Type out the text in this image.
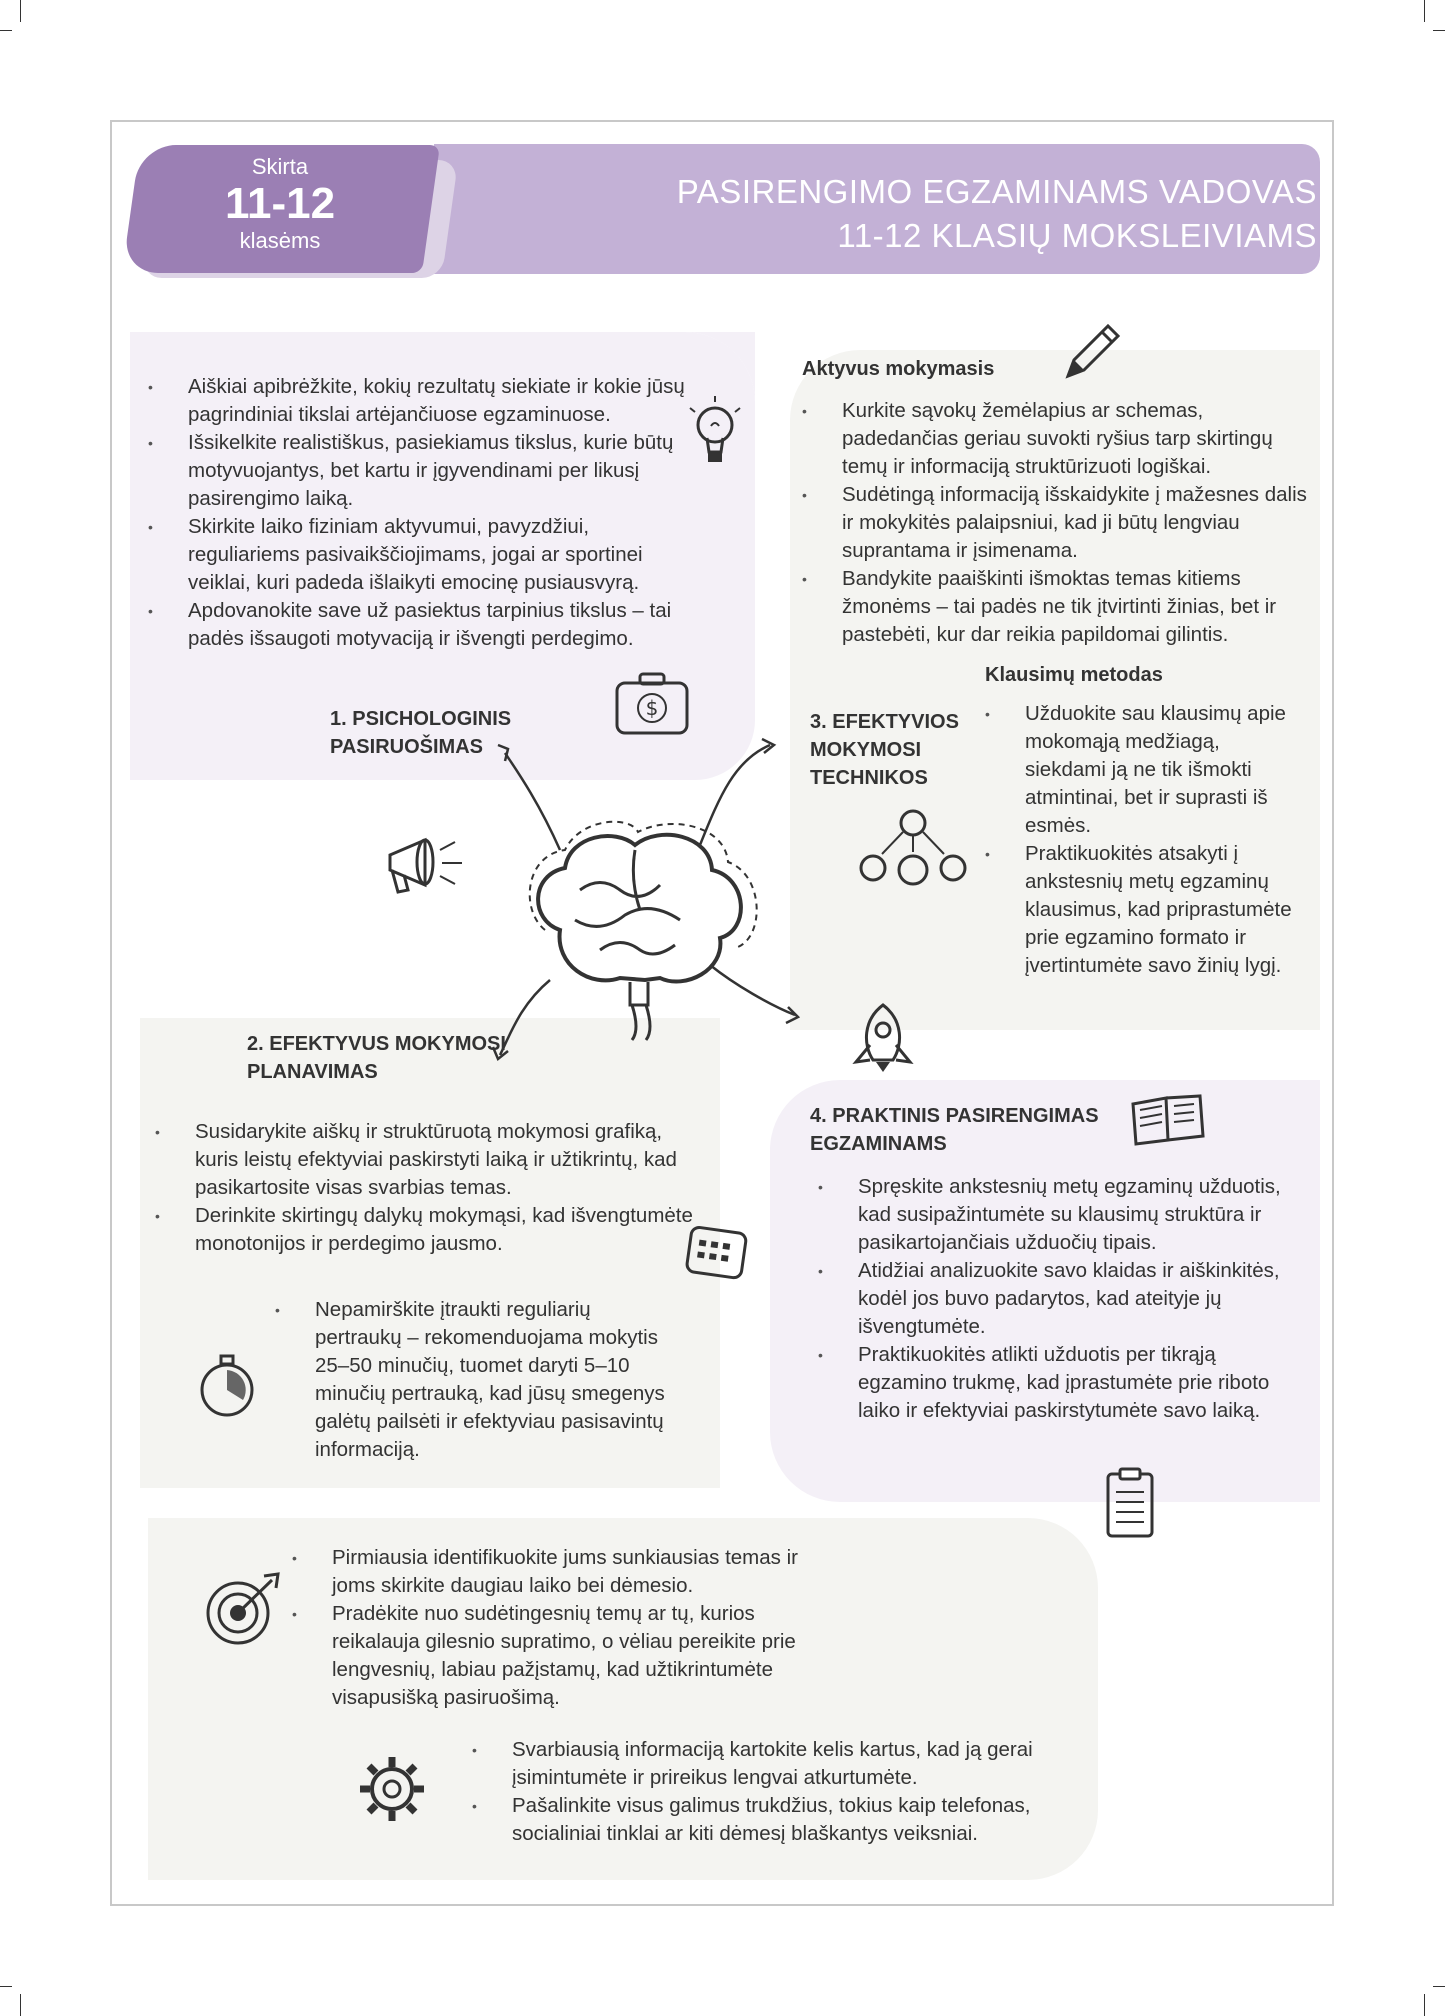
Skirta
11-12
klasėms
PASIRENGIMO EGZAMINAMS VADOVAS
11-12 KLASIŲ MOKSLEIVIAMS
• Aiškiai apibrėžkite, kokių rezultatų siekiate ir kokie jūsų pagrindiniai tikslai artėjančiuose egzaminuose.
• Išsikelkite realistiškus, pasiekiamus tikslus, kurie būtų motyvuojantys, bet kartu ir įgyvendinami per likusį pasirengimo laiką.
• Skirkite laiko fiziniam aktyvumui, pavyzdžiui, reguliariems pasivaikščiojimams, jogai ar sportinei veiklai, kuri padeda išlaikyti emocinę pusiausvyrą.
• Apdovanokite save už pasiektus tarpinius tikslus – tai padės išsaugoti motyvaciją ir išvengti perdegimo.
1. PSICHOLOGINIS
PASIRUOŠIMAS
$
Aktyvus mokymasis
• Kurkite sąvokų žemėlapius ar schemas, padedančias geriau suvokti ryšius tarp skirtingų temų ir informaciją struktūrizuoti logiškai.
• Sudėtingą informaciją išskaidykite į mažesnes dalis ir mokykitės palaipsniui, kad ji būtų lengviau suprantama ir įsimenama.
• Bandykite paaiškinti išmoktas temas kitiems žmonėms – tai padės ne tik įtvirtinti žinias, bet ir pastebėti, kur dar reikia papildomai gilintis.
Klausimų metodas
3. EFEKTYVIOS
MOKYMOSI
TECHNIKOS
• Užduokite sau klausimų apie mokomąją medžiagą, siekdami ją ne tik išmokti atmintinai, bet ir suprasti iš esmės.
• Praktikuokitės atsakyti į ankstesnių metų egzaminų klausimus, kad priprastumėte prie egzamino formato ir įvertintumėte savo žinių lygį.
2. EFEKTYVUS MOKYMOSI
PLANAVIMAS
• Susidarykite aiškų ir struktūruotą mokymosi grafiką, kuris leistų efektyviai paskirstyti laiką ir užtikrintų, kad pasikartosite visas svarbias temas.
• Derinkite skirtingų dalykų mokymąsi, kad išvengtumėte monotonijos ir perdegimo jausmo.
• Nepamirškite įtraukti reguliarių pertraukų – rekomenduojama mokytis 25–50 minučių, tuomet daryti 5–10 minučių pertrauką, kad jūsų smegenys galėtų pailsėti ir efektyviau pasisavintų informaciją.
4. PRAKTINIS PASIRENGIMAS
EGZAMINAMS
• Spręskite ankstesnių metų egzaminų užduotis, kad susipažintumėte su klausimų struktūra ir pasikartojančiais užduočių tipais.
• Atidžiai analizuokite savo klaidas ir aiškinkitės, kodėl jos buvo padarytos, kad ateityje jų išvengtumėte.
• Praktikuokitės atlikti užduotis per tikrąją egzamino trukmę, kad įprastumėte prie riboto laiko ir efektyviai paskirstytumėte savo laiką.
• Pirmiausia identifikuokite jums sunkiausias temas ir joms skirkite daugiau laiko bei dėmesio.
• Pradėkite nuo sudėtingesnių temų ar tų, kurios reikalauja gilesnio supratimo, o vėliau pereikite prie lengvesnių, labiau pažįstamų, kad užtikrintumėte visapusišką pasiruošimą.
• Svarbiausią informaciją kartokite kelis kartus, kad ją gerai įsimintumėte ir prireikus lengvai atkurtumėte.
• Pašalinkite visus galimus trukdžius, tokius kaip telefonas, socialiniai tinklai ar kiti dėmesį blaškantys veiksniai.
